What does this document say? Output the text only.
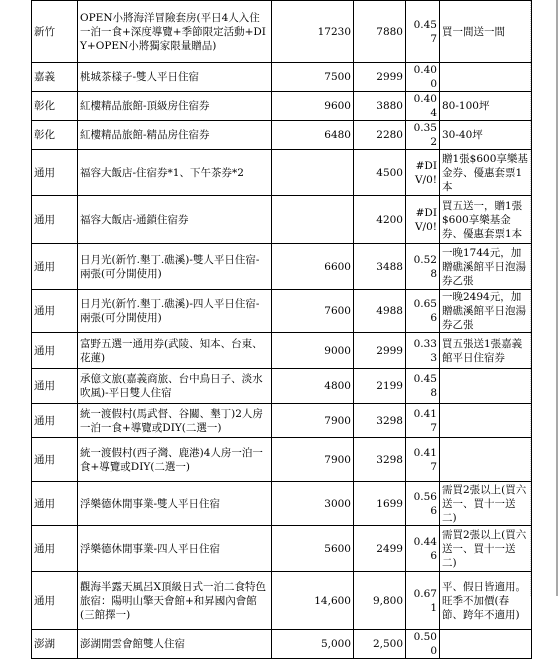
新竹	OPEN小將海洋冒險套房(平日4人入住一泊一食+深度導覽+季節限定活動+DIY+OPEN小將獨家限量贈品)	17230	7880	0.457	買一間送一間
嘉義	桃城茶樣子-雙人平日住宿	7500	2999	0.400	
彰化	紅樓精品旅館-頂級房住宿券	9600	3880	0.404	80-100坪
彰化	紅樓精品旅館-精品房住宿券	6480	2280	0.352	30-40坪
通用	福容大飯店-住宿券*1、下午茶券*2		4500	#DIV/0!	贈1張$600享樂基金券、優惠套票1本
通用	福容大飯店-通鎖住宿券		4200	#DIV/0!	買五送一，贈1張$600享樂基金券、優惠套票1本
通用	日月光(新竹.墾丁.礁溪)-雙人平日住宿-兩張(可分開使用)	6600	3488	0.528	一晚1744元，加贈礁溪館平日泡湯券乙張
通用	日月光(新竹.墾丁.礁溪)-四人平日住宿-兩張(可分開使用)	7600	4988	0.656	一晚2494元，加贈礁溪館平日泡湯券乙張
通用	富野五選一通用券(武陵、知本、台東、花蓮)	9000	2999	0.333	買五張送1張嘉義館平日住宿券
通用	承億文旅(嘉義商旅、台中鳥日子、淡水吹風)-平日雙人住宿	4800	2199	0.458	
通用	統一渡假村(馬武督、谷關、墾丁)2人房一泊一食+導覽或DIY(二選一)	7900	3298	0.417	
通用	統一渡假村(西子灣、鹿港)4人房一泊一食+導覽或DIY(二選一)	7900	3298	0.417	
通用	浮樂德休閒事業-雙人平日住宿	3000	1699	0.566	需買2張以上(買六送一、買十一送二)
通用	浮樂德休閒事業-四人平日住宿	5600	2499	0.446	需買2張以上(買六送一、買十一送二)
通用	觀海半露天風呂X頂級日式一泊二食特色旅宿：陽明山擎天會館+和昇國內會館(三館擇一)	14,600	9,800	0.671	平、假日皆適用。旺季不加價(春節、跨年不適用)
澎湖	澎湖閒雲會館雙人住宿	5,000	2,500	0.500	
